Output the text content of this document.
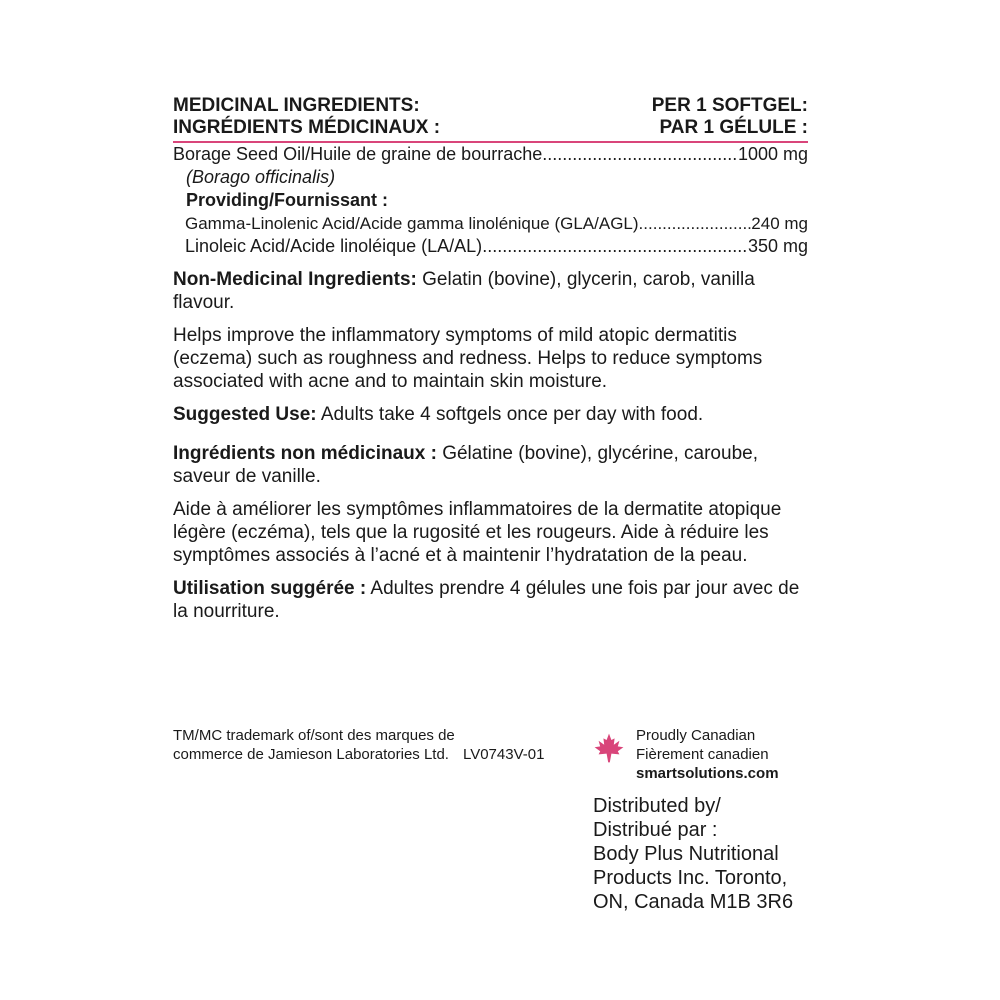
MEDICINAL INGREDIENTS:
INGRÉDIENTS MÉDICINAUX :
PER 1 SOFTGEL:
PAR 1 GÉLULE :
Borage Seed Oil/Huile de graine de bourrache .....	1000 mg
(Borago officinalis)
Providing/Fournissant :
Gamma-Linolenic Acid/Acide gamma linolénique (GLA/AGL) .....	240 mg
Linoleic Acid/Acide linoléique (LA/AL) .....	350 mg
Non-Medicinal Ingredients: Gelatin (bovine), glycerin, carob, vanilla flavour.
Helps improve the inflammatory symptoms of mild atopic dermatitis (eczema) such as roughness and redness. Helps to reduce symptoms associated with acne and to maintain skin moisture.
Suggested Use: Adults take 4 softgels once per day with food.
Ingrédients non médicinaux : Gélatine (bovine), glycérine, caroube, saveur de vanille.
Aide à améliorer les symptômes inflammatoires de la dermatite atopique légère (eczéma), tels que la rugosité et les rougeurs. Aide à réduire les symptômes associés à l’acné et à maintenir l’hydratation de la peau.
Utilisation suggérée : Adultes prendre 4 gélules une fois par jour avec de la nourriture.
TM/MC trademark of/sont des marques de
commerce de Jamieson Laboratories Ltd. LV0743V-01
Proudly Canadian
Fièrement canadien
smartsolutions.com
Distributed by/
Distribué par :
Body Plus Nutritional
Products Inc. Toronto,
ON, Canada M1B 3R6
